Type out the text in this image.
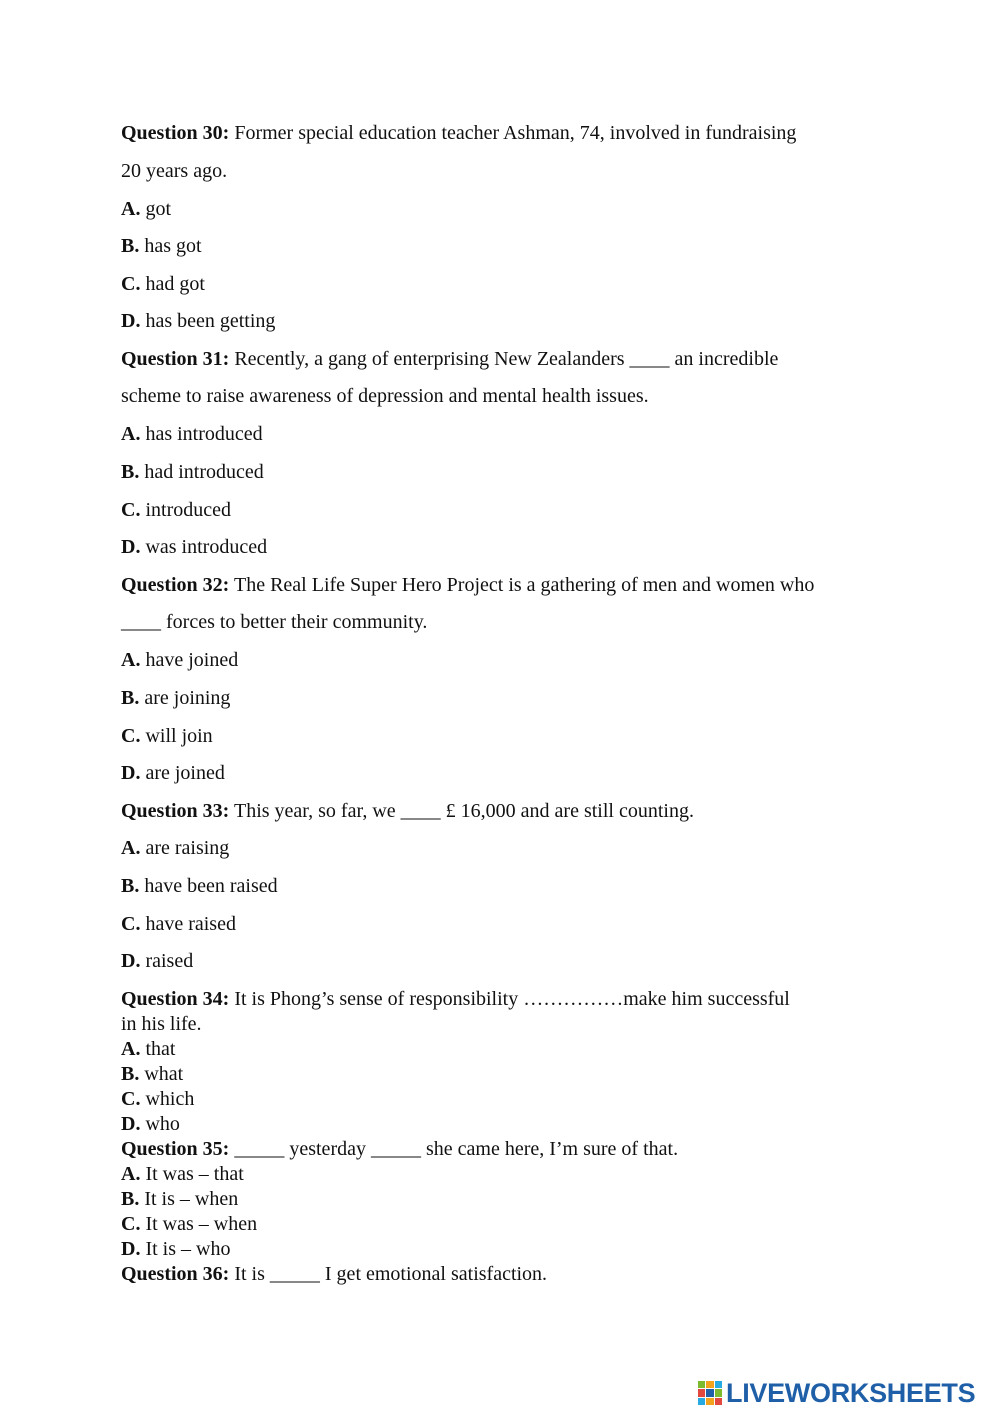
Question 30: Former special education teacher Ashman, 74, involved in fundraising

20 years ago.

A. got

B. has got

C. had got

D. has been getting

Question 31: Recently, a gang of enterprising New Zealanders ____ an incredible

scheme to raise awareness of depression and mental health issues.

A. has introduced

B. had introduced

C. introduced

D. was introduced

Question 32: The Real Life Super Hero Project is a gathering of men and women who

____ forces to better their community.

A. have joined

B. are joining

C. will join

D. are joined

Question 33: This year, so far, we ____ £ 16,000 and are still counting.

A. are raising

B. have been raised

C. have raised

D. raised

Question 34: It is Phong’s sense of responsibility ……………make him successful

in his life.

A. that

B. what

C. which

D. who

Question 35: _____ yesterday _____ she came here, I’m sure of that.

A. It was – that

B. It is – when

C. It was – when

D. It is – who

Question 36: It is _____ I get emotional satisfaction.

LIVEWORKSHEETS
